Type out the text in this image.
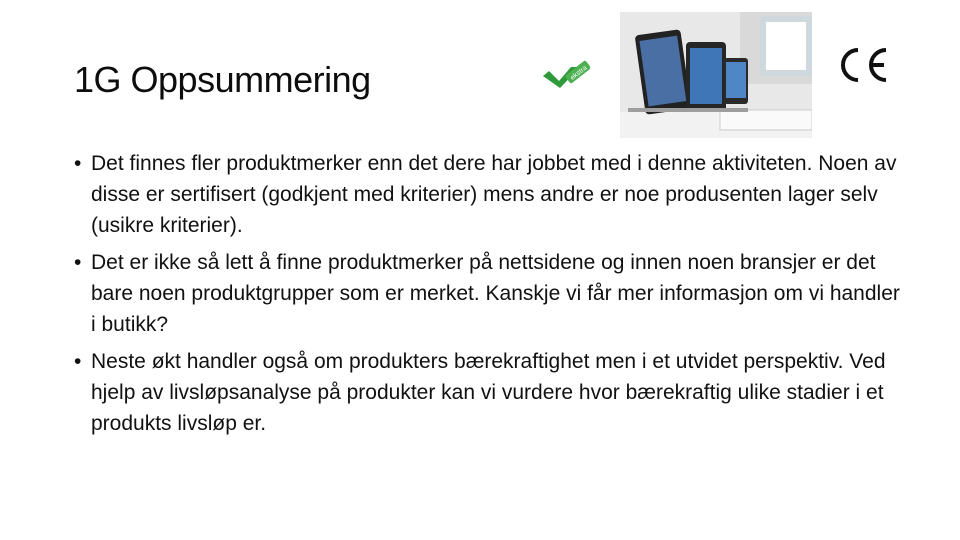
1G Oppsummering	ekstra
• Det finnes fler produktmerker enn det dere har jobbet med i denne aktiviteten. Noen av disse er sertifisert (godkjent med kriterier) mens andre er noe produsenten lager selv (usikre kriterier).
• Det er ikke så lett å finne produktmerker på nettsidene og innen noen bransjer er det bare noen produktgrupper som er merket. Kanskje vi får mer informasjon om vi handler i butikk?
• Neste økt handler også om produkters bærekraftighet men i et utvidet perspektiv. Ved hjelp av livsløpsanalyse på produkter kan vi vurdere hvor bærekraftig ulike stadier i et produkts livsløp er.
